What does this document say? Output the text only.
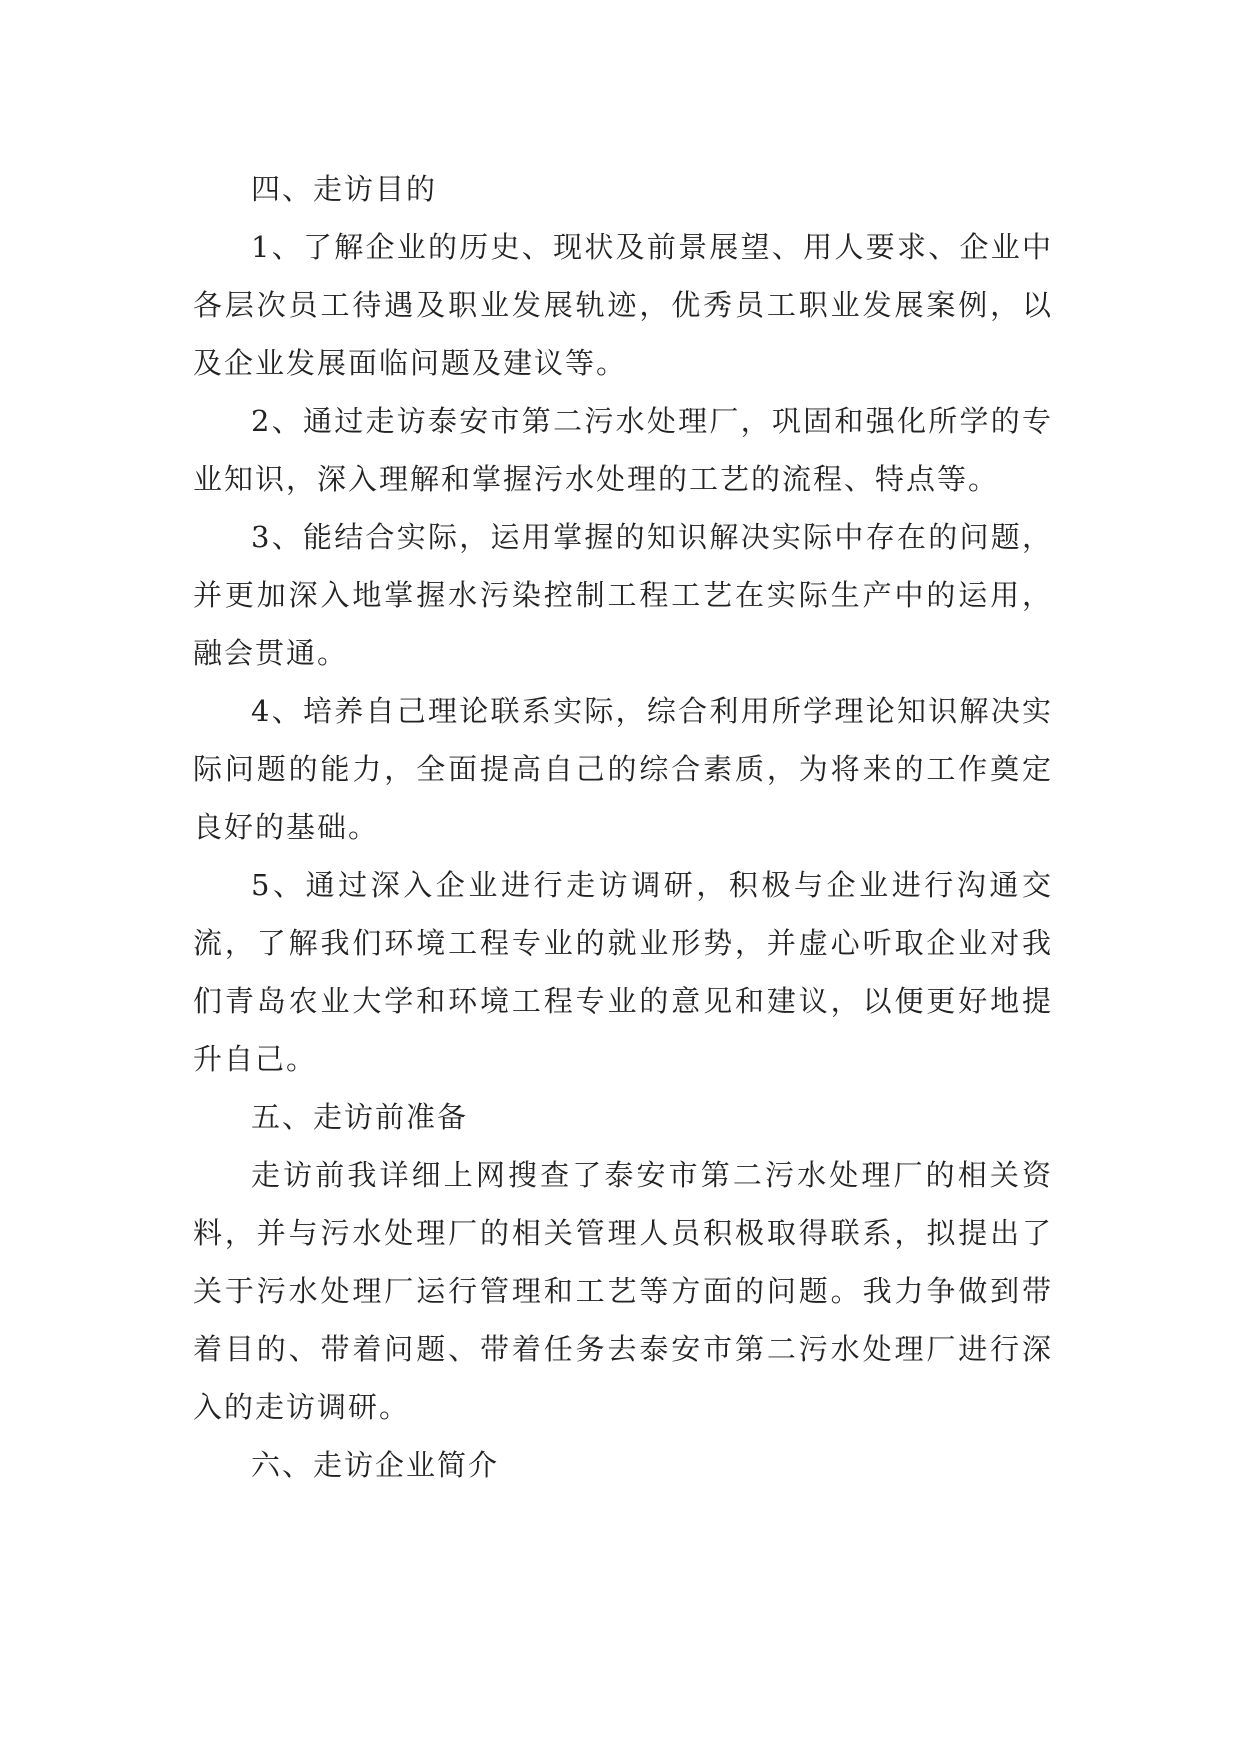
四、走访目的

1、了解企业的历史、现状及前景展望、用人要求、企业中各层次员工待遇及职业发展轨迹，优秀员工职业发展案例，以及企业发展面临问题及建议等。

2、通过走访泰安市第二污水处理厂，巩固和强化所学的专业知识，深入理解和掌握污水处理的工艺的流程、特点等。

3、能结合实际，运用掌握的知识解决实际中存在的问题，并更加深入地掌握水污染控制工程工艺在实际生产中的运用，融会贯通。

4、培养自己理论联系实际，综合利用所学理论知识解决实际问题的能力，全面提高自己的综合素质，为将来的工作奠定良好的基础。

5、通过深入企业进行走访调研，积极与企业进行沟通交流，了解我们环境工程专业的就业形势，并虚心听取企业对我们青岛农业大学和环境工程专业的意见和建议，以便更好地提升自己。

五、走访前准备

走访前我详细上网搜查了泰安市第二污水处理厂的相关资料，并与污水处理厂的相关管理人员积极取得联系，拟提出了关于污水处理厂运行管理和工艺等方面的问题。我力争做到带着目的、带着问题、带着任务去泰安市第二污水处理厂进行深入的走访调研。

六、走访企业简介
